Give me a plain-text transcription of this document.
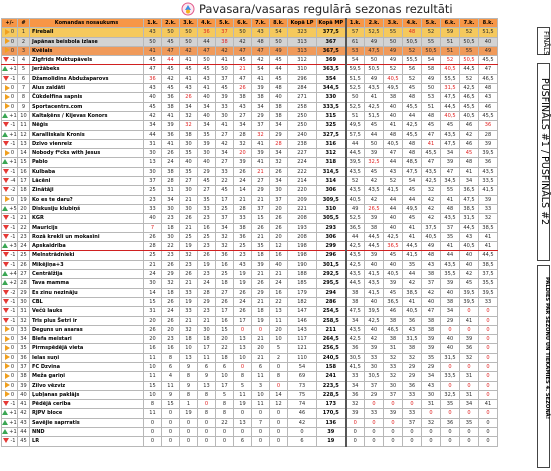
Pavasara/vasaras regulārā sezonas rezultāti
+/-	#	Komandas nosaukums	1.k.	2.k.	3.k.	4.k.	5.k.	6.k.	7.k.	8.k.	Kopā LP	Kopā MP	1.k.	2.k.	3.k.	4.k.	5.k.	6.k.	7.k.	8.k.
0	1	Fireball	43	50	50	36	37	50	43	54	323	377,5	57	52,5	55	48	52	59	52	51,5
0	2	Japānas beisbola izlase	50	45	50	44	38	42	48	50	313	367	61	49	50	50,5	55	51	50,5	40
0	3	Kvēlais	41	47	42	47	42	47	47	49	313	367,5	53	47,5	49	52	50,5	51	55	49
-1	4	Zigfrīds Muktupāvels	45	44	41	50	41	45	42	45	312	369	54	50	49	55,5	54	52	50,5	45,5
+1	5	Jeržābeks	47	45	45	45	50	21	54	44	310	363,5	59,5	50,5	52	56	58	40,5	44,5	47
-1	6	Džamolidins Abdužaparovs	36	42	41	43	37	47	41	45	296	354	51,5	49	40,5	52	49	55,5	52	46,5
0	7	Alus zaldāti	43	45	43	41	45	26	39	48	284	344,5	52,5	43,5	49,5	45	50	31,5	42,5	48
0	8	Čūkdelfīna sapnis	40	36	26	40	39	38	38	40	271	330	50	41	38	48	53	47,5	46,5	43
0	9	Sportacentrs.com	45	38	34	34	33	43	34	38	258	333,5	52,5	42,5	40	45,5	51	44,5	45,5	46
+1	10	Kaltaķēns / Kijevas Konors	42	41	32	40	30	27	29	38	250	315	51	51,5	40	44	48	40,5	40,5	45,5
-1	11	Nēģis	34	39	32	34	41	34	37	34	250	325	49,5	45	41	42,5	45	45	46	36
+1	12	Karalliskais Kronis	44	36	38	35	27	28	32	29	240	327,5	57,5	44	48	45,5	47	43,5	42	28
-1	13	Dzīvo vienreiz	31	41	30	39	42	32	41	28	238	316	44	50	40,5	48	41	47,5	46	39
0	14	Nobody f*cks with Jesus	30	26	35	30	34	20	39	34	227	312	44,5	39	47	48	45,5	34	45	39,5
+1	15	Pablo	13	24	40	40	27	39	41	32	224	318	39,5	32,5	44	48,5	47	39	48	36
-1	16	Kulbaba	30	38	35	29	33	26	21	26	222	314,5	43,5	45	43	47,5	43,5	47	41	43,5
-4	17	Lācēni	37	28	27	45	22	24	27	34	214	314	52	42	52	54	42,5	34,5	34	33,5
-2	18	Zinātāji	25	31	30	27	45	14	29	30	220	306	43,5	43,5	41,5	45	32	55	36,5	41,5
0	19	Ko es te daru?	23	34	21	35	17	21	21	37	209	309,5	40,5	42	44	44	42	41	47,5	39
+5	20	Diskusiju klubiņš	33	30	30	33	25	28	37	20	221	310	49	26,5	44	49,5	42	48	38,5	33
-1	21	KGR	40	23	26	23	37	33	15	26	208	305,5	52,5	39	40	45	42	43,5	31,5	32
-1	22	Mauricijs	7	18	21	16	34	38	26	26	193	293	36,5	38	40	41	37,5	37	44,5	38,5
-1	23	Rozā krekli un mokasīni	26	30	25	25	32	36	21	20	208	306	44	44,5	42,5	41	40,5	35	43	41
+3	24	Apskaidrība	28	22	19	23	32	25	35	12	198	299	42,5	44,5	36,5	44,5	49	41	40,5	41
-1	25	Melnstrādnieki	25	23	32	26	36	23	18	16	198	296	43,5	39	45	41,5	48	44	40	44,5
-1	26	Mikējiņa+3	21	26	23	19	16	43	39	40	190	301,5	42,5	40	40	35	43	43,5	40	38,5
+4	27	Centrālžija	24	29	26	23	25	19	21	21	188	292,5	43,5	41,5	40,5	44	38	35,5	42	37,5
+2	28	Tava mamma	30	32	21	24	18	19	26	24	185	295,5	44,5	43,5	39	42	37	39	45	35,5
-2	29	Es zinu nezināju	14	18	33	28	27	26	29	16	179	294	38	41,5	45	38,5	42	40	39,5	39,5
-1	30	CBL	15	26	19	29	26	24	21	22	182	286	38	40	36,5	41	40	38	39,5	33
-1	31	Večū lauks	31	24	33	23	17	26	18	13	147	254,5	47,5	39,5	46	40,5	47	34	0	0
-1	32	Trīs plus Šetri ir	20	26	21	21	16	17	19	11	146	258,5	34	42,5	38	36	38	29	41	0
0	33	Deguns un asaras	26	20	32	30	15	0	0	20	143	211	43,5	40	46,5	43	38	0	0	0
0	34	Blefa meistari	20	23	18	18	20	13	21	10	117	264,5	42,5	42	38	31,5	39	40	39	0
0	35	Pirmspēdējā vieta	16	16	10	17	22	13	20	5	121	256,5	36	39	31	38	39	40	36	0
0	36	Ielas suņi	11	8	13	11	18	10	21	2	110	240,5	30,5	33	32	32	35	31,5	32	0
0	37	FC Dzvina	10	6	9	6	6	0	6	0	54	158	41,5	30	33	29	29	0	0	0
0	38	Meža gariņi	11	4	8	9	10	8	11	8	69	241	33	30,5	32	29	34	33,5	31	0
0	39	Zilvo vēzviz	15	11	9	13	17	5	3	0	73	223,5	34	37	30	36	43	0	0	0
0	40	Ļubļanas paklājs	10	9	8	8	5	11	10	14	75	228,5	36	29	37	33	30	32,5	31	0
-1	41	Pēdējā cerība	8	15	1	0	8	19	11	12	74	173	32	0	0	0	31	35	34	41
+1	42	RJPV bloce	11	0	19	8	8	0	0	0	46	170,5	39	33	39	33	0	0	0	0
+1	43	Savējie saprratīs	0	0	0	0	22	13	7	0	42	136	0	0	0	37	32	36	35	0
+1	44	NND	0	0	0	0	0	0	0	0	0	39	0	0	0	0	0	0	0	0
-1	45	LR	0	0	0	0	0	6	0	0	6	19	0	0	0	0	0	0	0	0
FINĀLS
PUSFINĀLS #1 / PUSFINĀLS #2
PALDIES PAR SEZONU UN TIEKAMIES 4. SEZONĀ!
